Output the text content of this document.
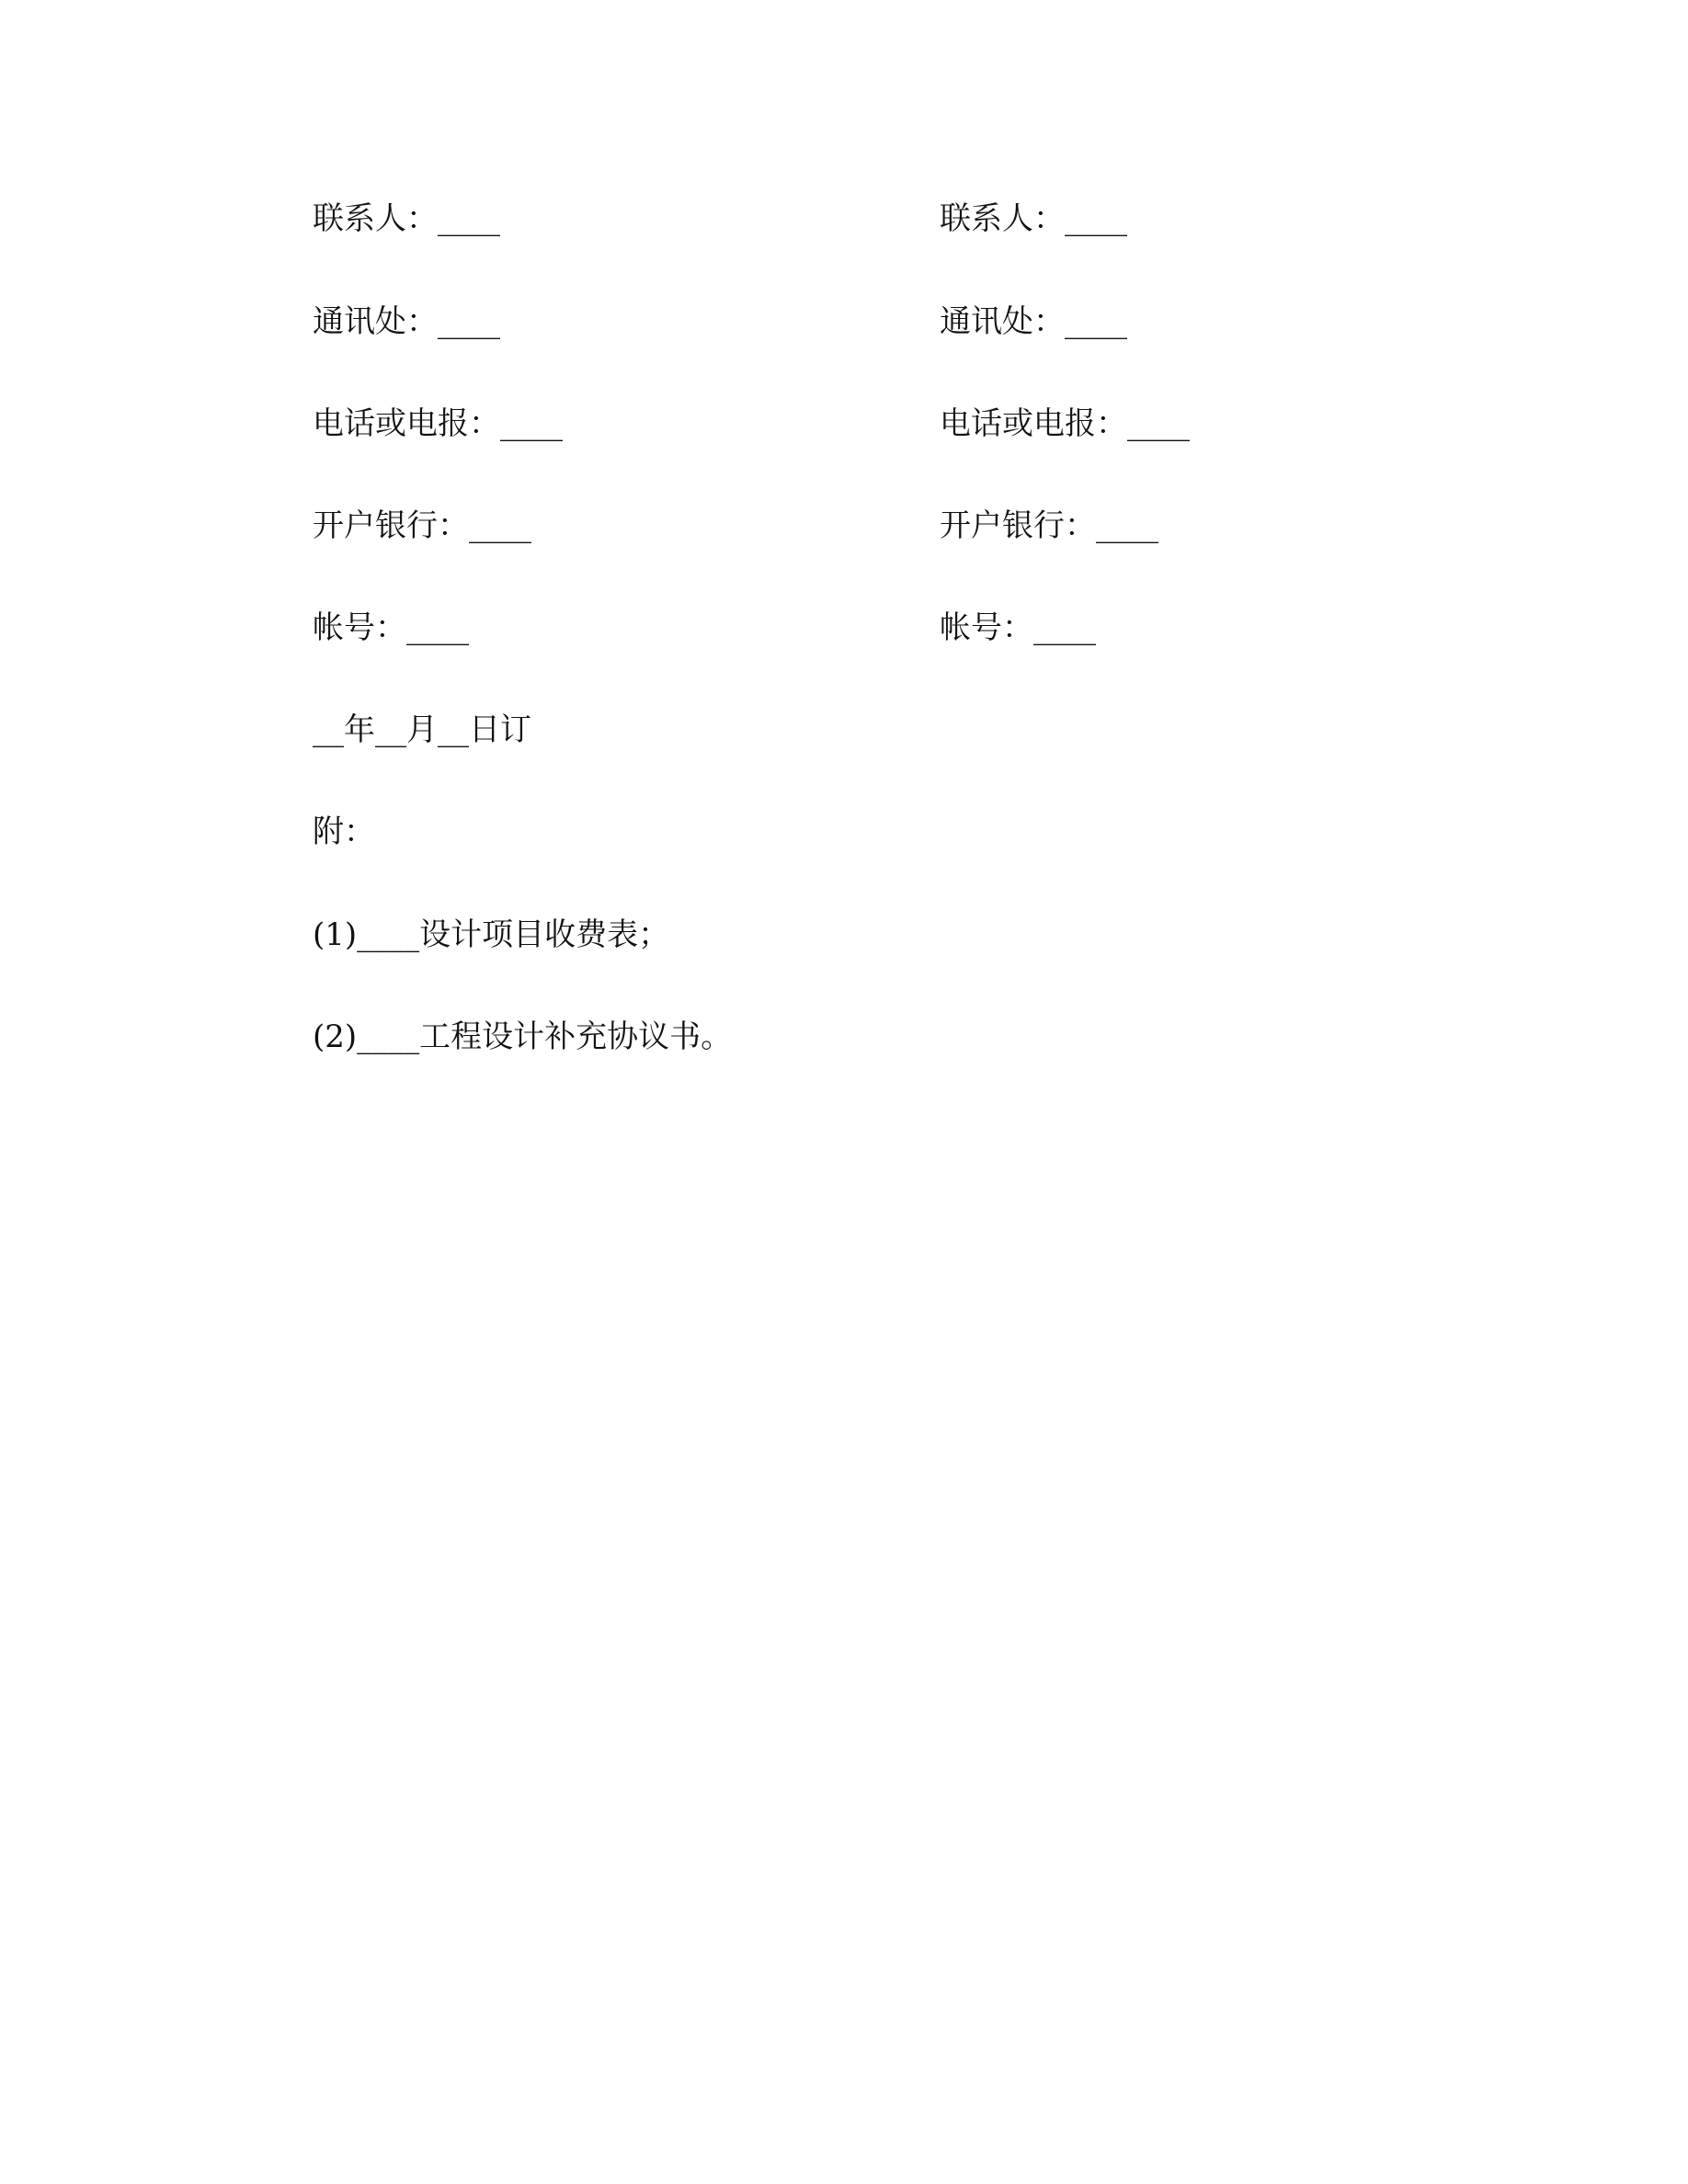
联系人：____
通讯处：____
电话或电报：____
开户银行：____
帐号：____
联系人：____
通讯处：____
电话或电报：____
开户银行：____
帐号：____
__年__月__日订
附：
(1)____设计项目收费表；
(2)____工程设计补充协议书。
